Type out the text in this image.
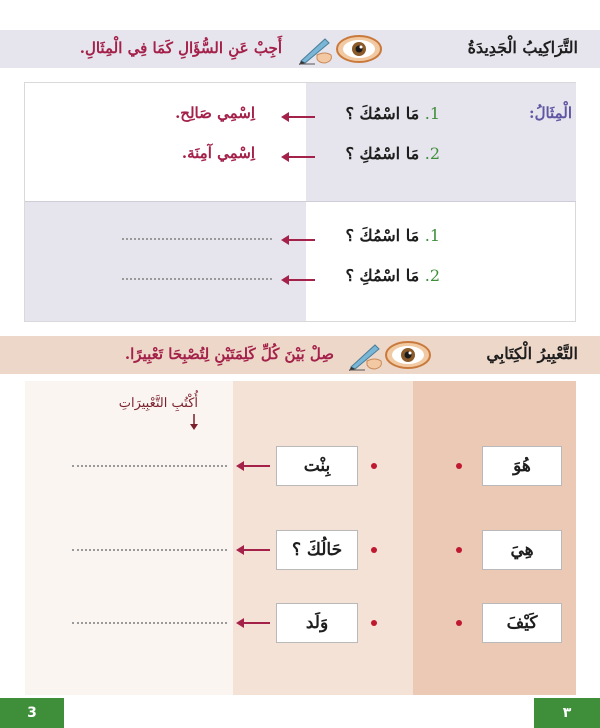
التَّرَاكِيبُ الْجَدِيدَةُ
أَجِبْ عَنِ السُّؤَالِ كَمَا فِي الْمِثَالِ.
الْمِثَالُ:
1. مَا اسْمُكَ ؟
اِسْمِي صَالِح.
2. مَا اسْمُكِ ؟
اِسْمِي آمِنَة.
1. مَا اسْمُكَ ؟
2. مَا اسْمُكِ ؟
التَّعْبِيرُ الْكِتَابِي
صِلْ بَيْنَ كُلِّ كَلِمَتَيْنِ لِتُصْبِحَا تَعْبِيرًا.
أُكْتُبِ التَّعْبِيرَاتِ
هُوَ
هِيَ
كَيْفَ
بِنْت
حَالُكَ ؟
وَلَد
3	٣
